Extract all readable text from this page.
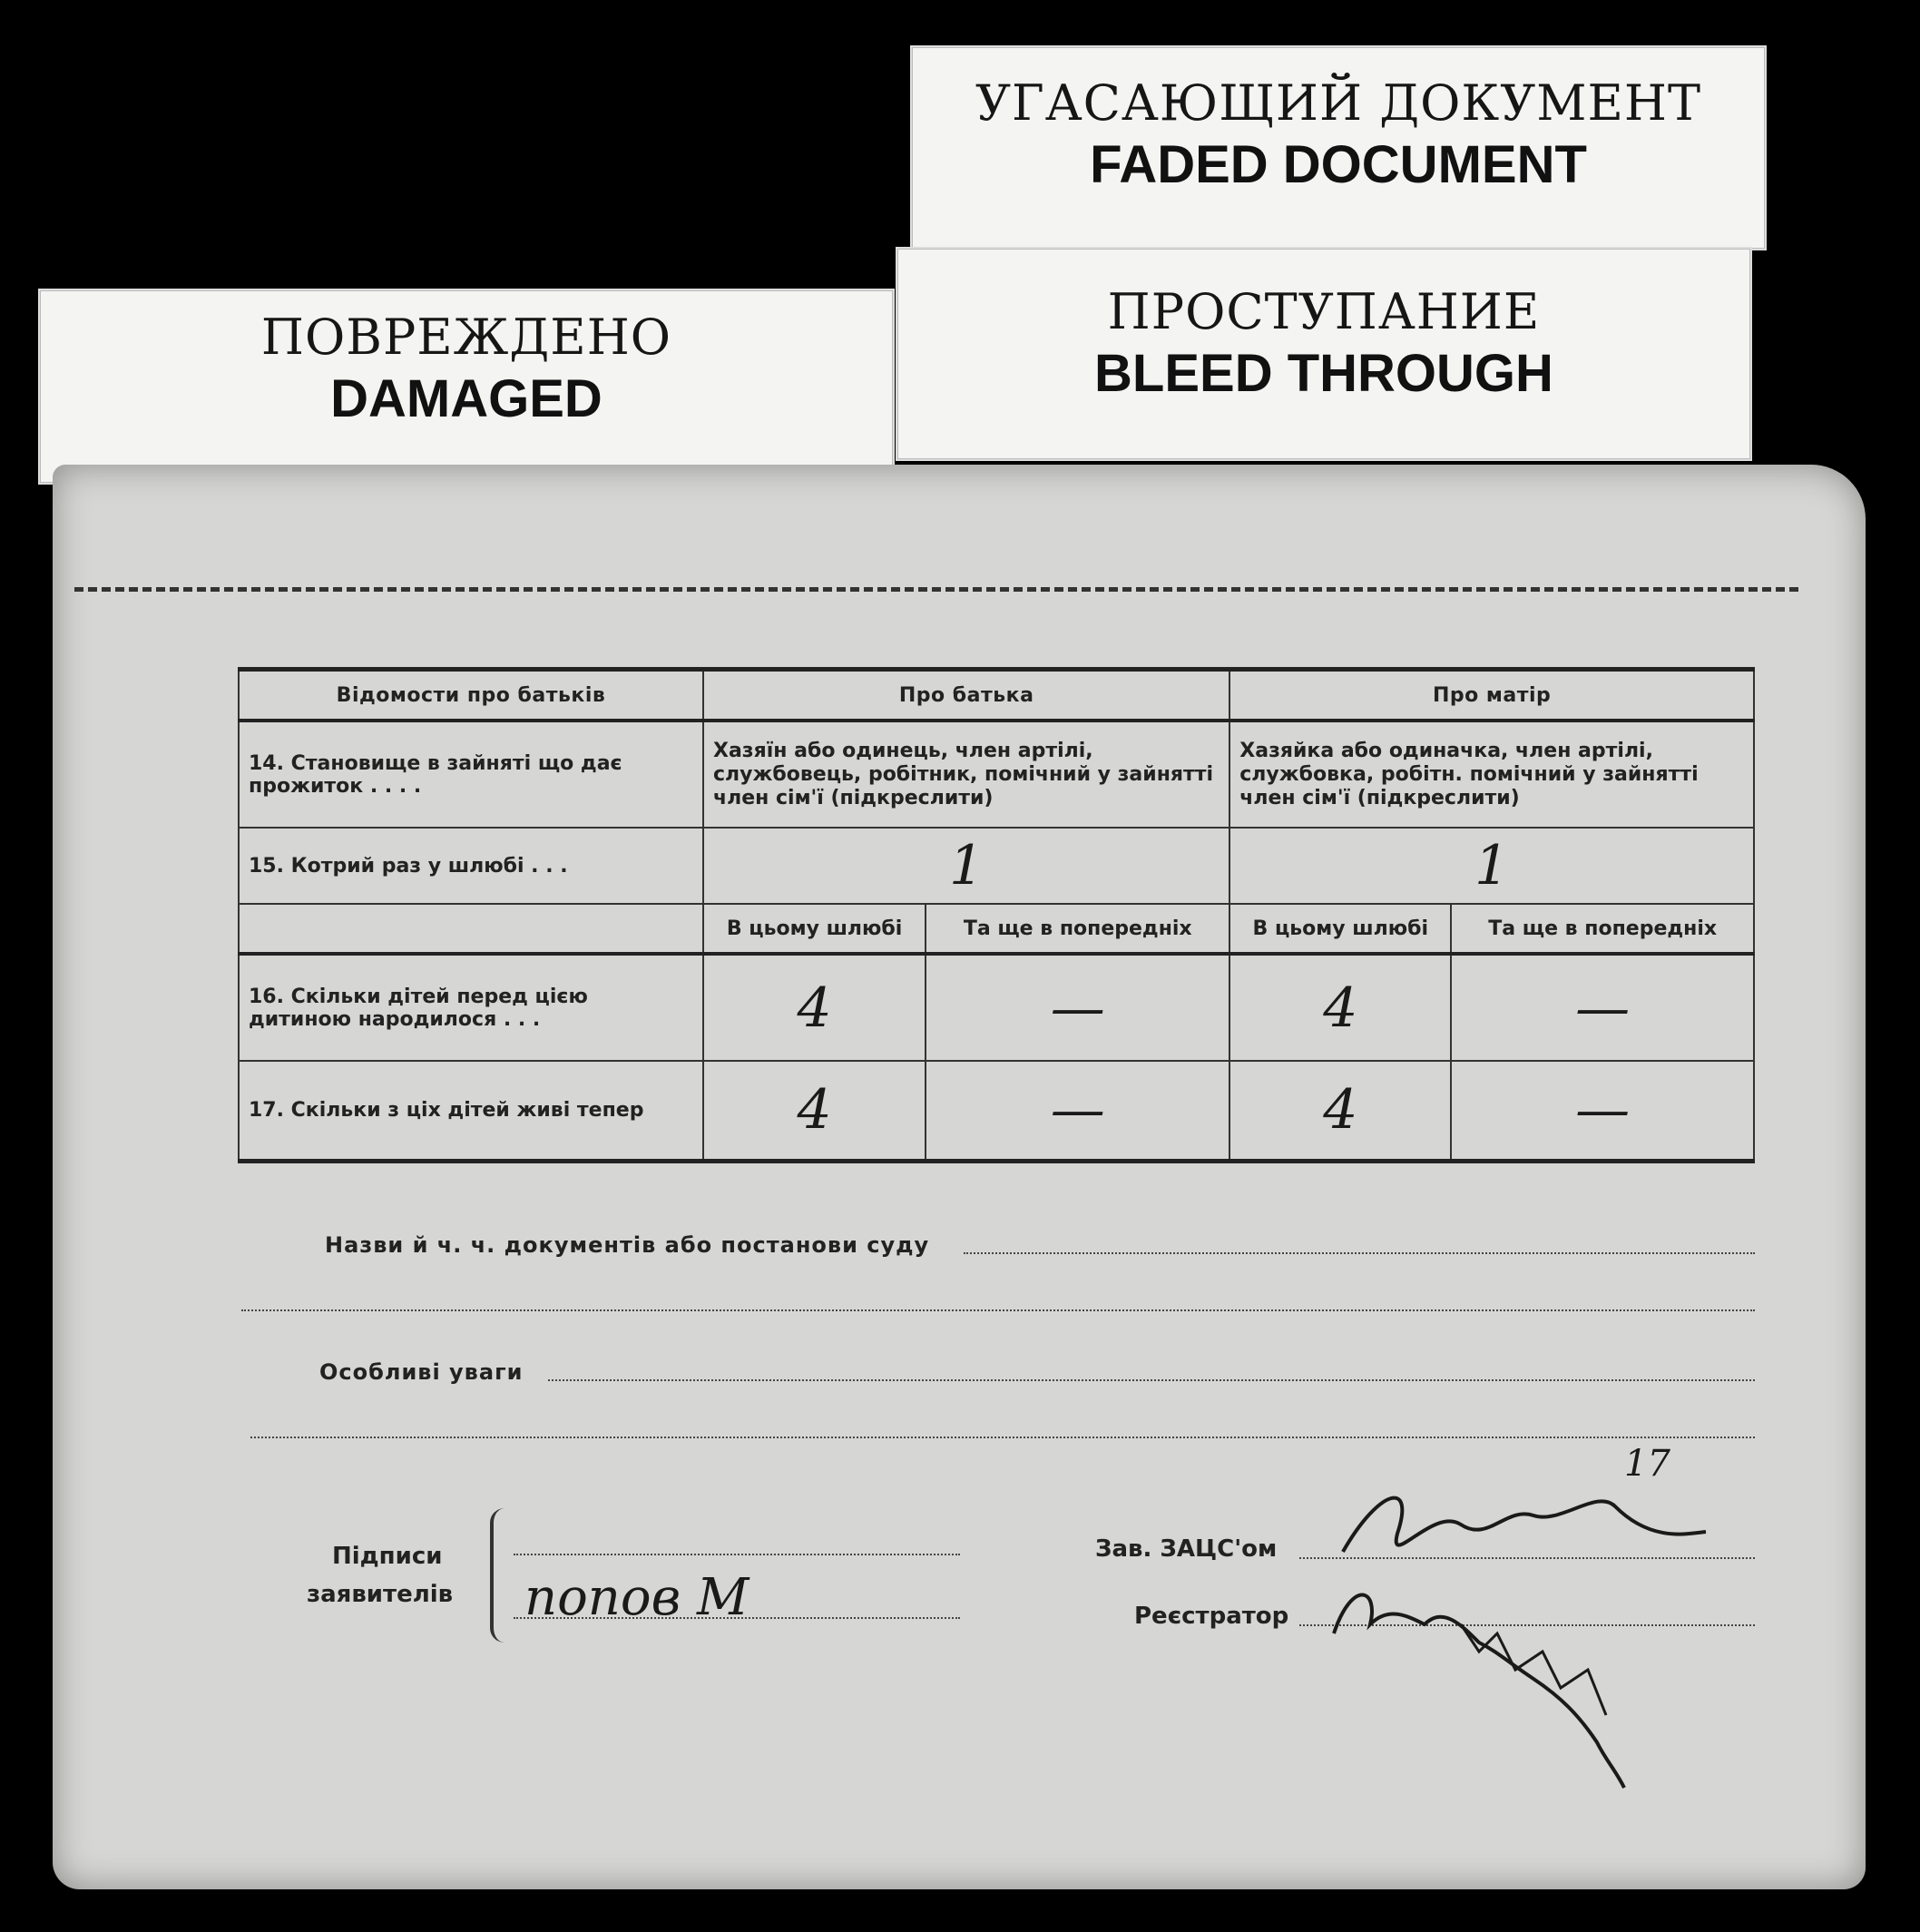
УГАСАЮЩИЙ ДОКУМЕНТ
FADED DOCUMENT
ПРОСТУПАНИЕ
BLEED THROUGH
ПОВРЕЖДЕНО
DAMAGED
Відомости про батьків	Про батька		Про матір	
14. Становище в зайняті що дає прожиток . . . .	Хазяїн або одинець, член артілі, службовець, робітник, помічний у зайнятті член сім'ї (підкреслити)		Хазяйка або одиначка, член артілі, службовка, робітн. помічний у зайнятті член сім'ї (підкреслити)	
15. Котрий раз у шлюбі . . .	1		1	
	В цьому шлюбі	Та ще в попередніх	В цьому шлюбі	Та ще в попередніх
16. Скільки дітей перед цією дитиною народилося . . .	4	—	4	—
17. Скільки з ціх дітей живі тепер	4	—	4	—
Назви й ч. ч. документів або постанови суду
Особливі уваги
17
Підписи
заявителів попов М
Зав. ЗАЦС'ом
Реєстратор
